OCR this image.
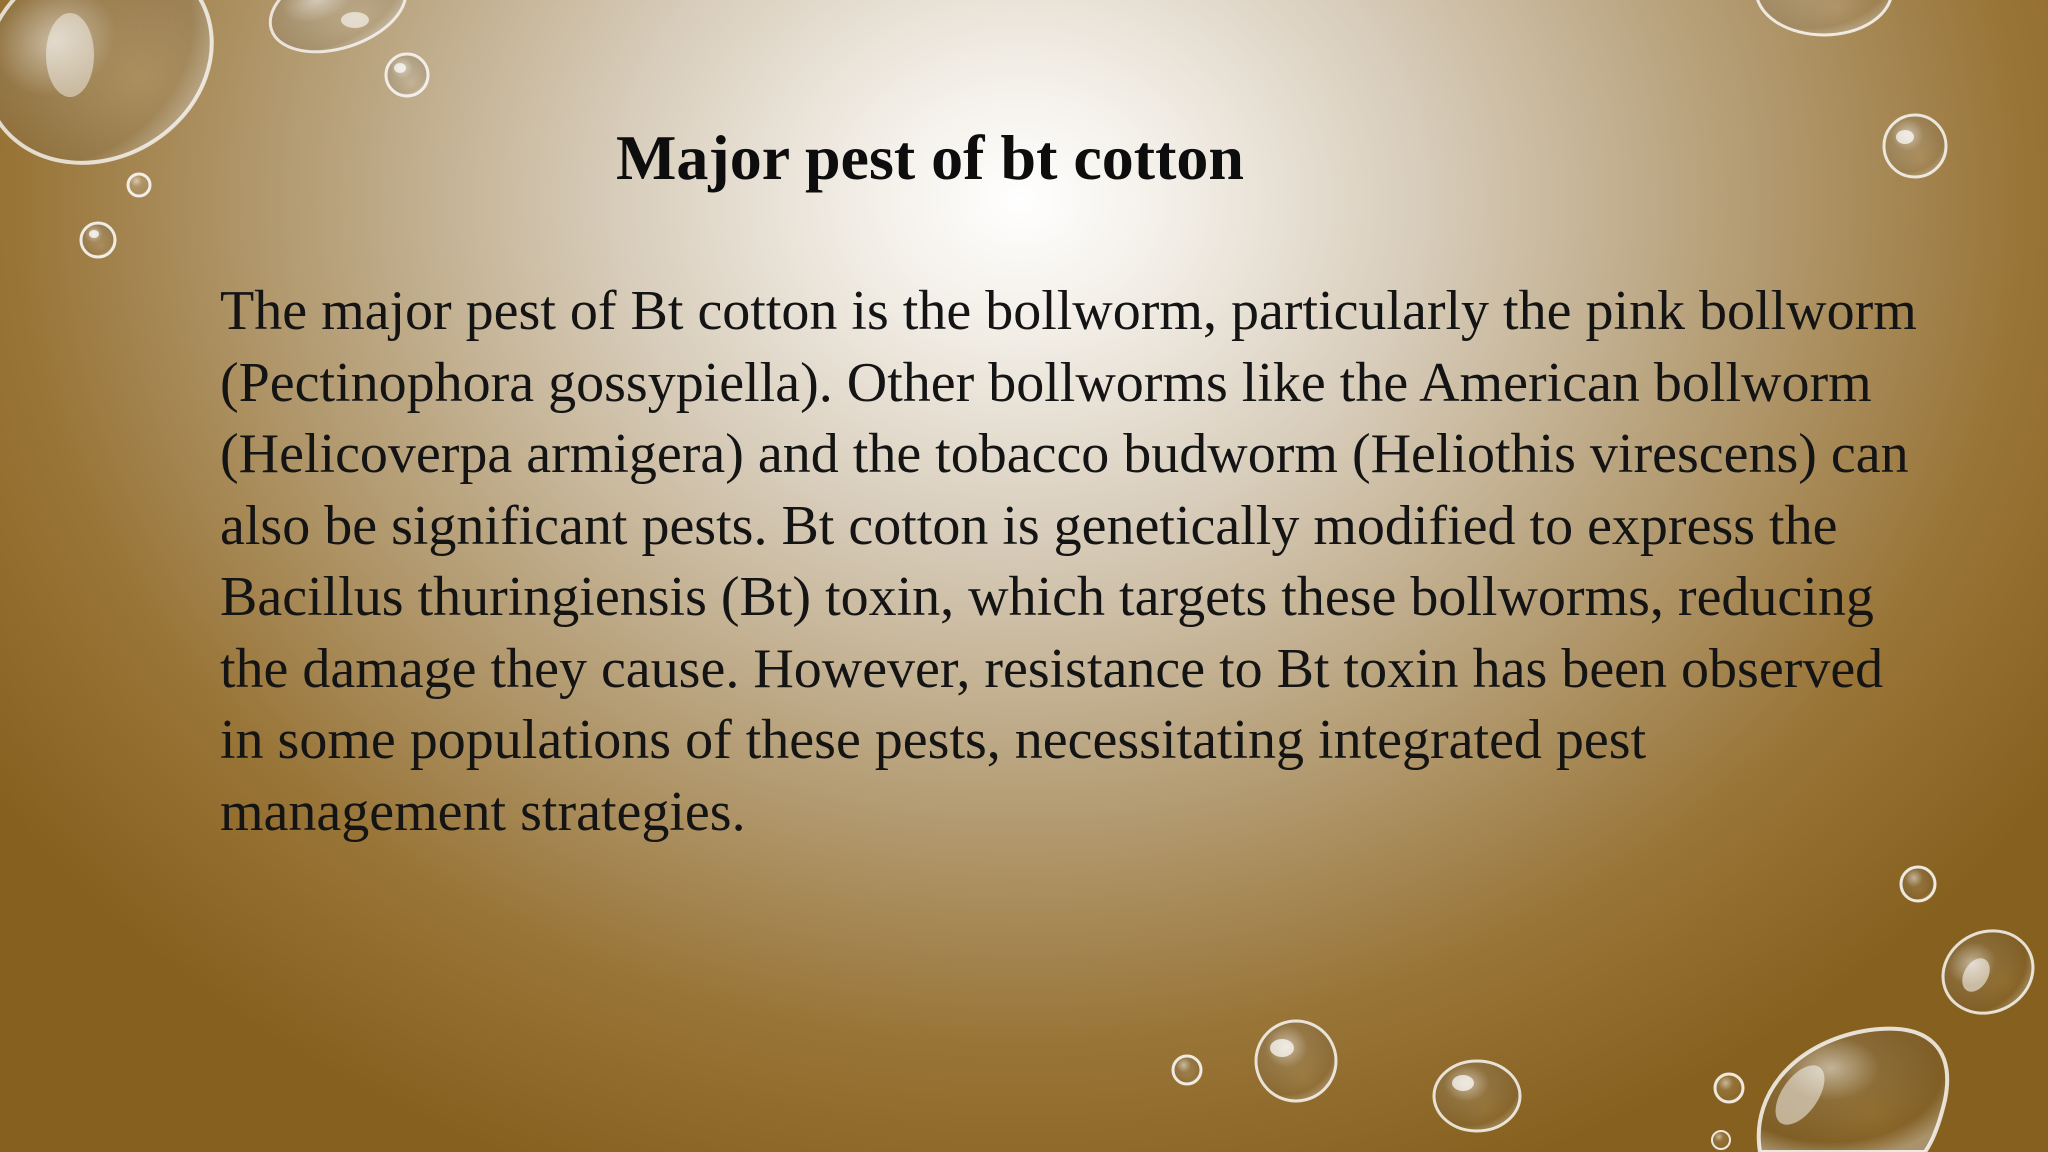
Major pest of bt cotton

The major pest of Bt cotton is the bollworm, particularly the pink bollworm (Pectinophora gossypiella). Other bollworms like the American bollworm (Helicoverpa armigera) and the tobacco budworm (Heliothis virescens) can also be significant pests. Bt cotton is genetically modified to express the Bacillus thuringiensis (Bt) toxin, which targets these bollworms, reducing the damage they cause. However, resistance to Bt toxin has been observed in some populations of these pests, necessitating integrated pest management strategies.
